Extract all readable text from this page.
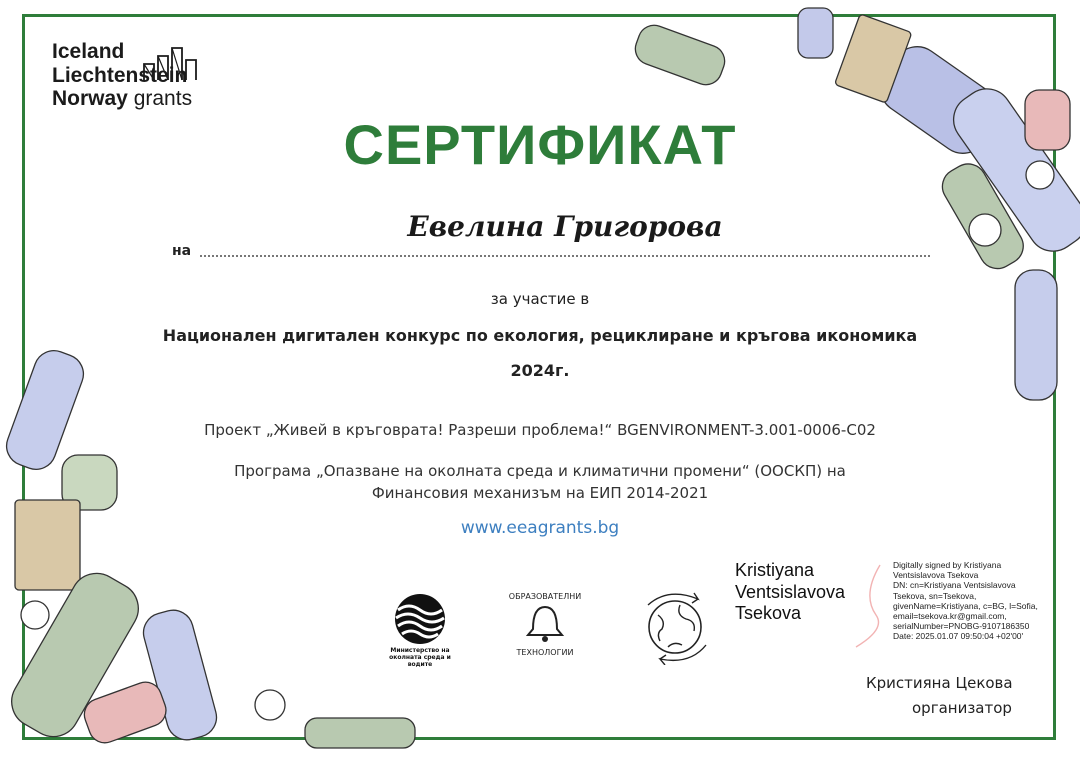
Iceland
Liechtenstein
Norway grants
СЕРТИФИКАТ
на
Евелина Григорова
за участие в
Национален дигитален конкурс по екология, рециклиране и кръгова икономика
2024г.
Проект „Живей в кръговрата! Разреши проблема!“ BGENVIRONMENT-3.001-0006-C02
Програма „Опазване на околната среда и климатични промени“ (ООСКП) на
Финансовия механизъм на ЕИП 2014-2021
www.eeagrants.bg
Министерство на
околната среда и водите
ОБРАЗОВАТЕЛНИ
ТЕХНОЛОГИИ
Kristiyana
Ventsislavova
Tsekova
Digitally signed by Kristiyana
Ventsislavova Tsekova
DN: cn=Kristiyana Ventsislavova
Tsekova, sn=Tsekova,
givenName=Kristiyana, c=BG, l=Sofia,
email=tsekova.kr@gmail.com,
serialNumber=PNOBG-9107186350
Date: 2025.01.07 09:50:04 +02'00'
Кристияна Цекова
организатор
